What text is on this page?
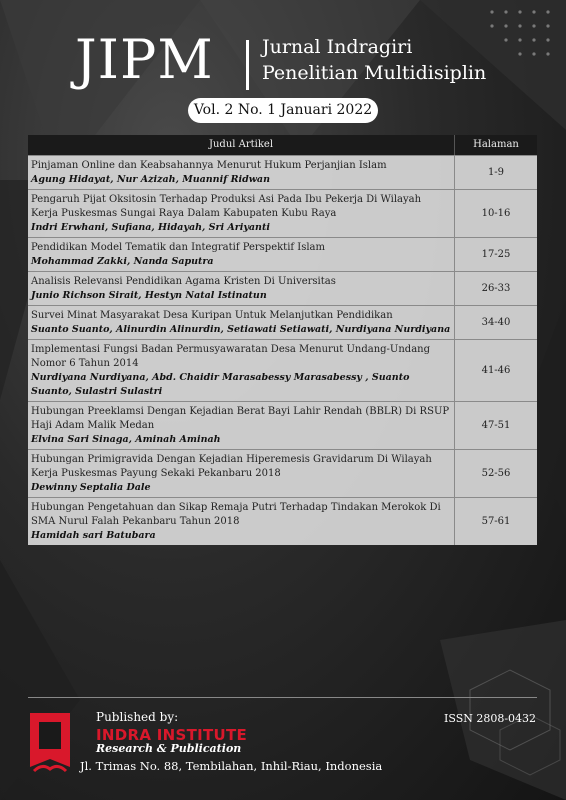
JIPM	Jurnal Indragiri
Penelitian Multidisiplin
Vol. 2 No. 1 Januari 2022
Judul Artikel	Halaman
Pinjaman Online dan Keabsahannya Menurut Hukum Perjanjian Islam
Agung Hidayat, Nur Azizah, Muannif Ridwan
1-9
Pengaruh Pijat Oksitosin Terhadap Produksi Asi Pada Ibu Pekerja Di Wilayah Kerja Puskesmas Sungai Raya Dalam Kabupaten Kubu Raya
Indri Erwhani, Sufiana, Hidayah, Sri Ariyanti
10-16
Pendidikan Model Tematik dan Integratif Perspektif Islam
Mohammad Zakki, Nanda Saputra
17-25
Analisis Relevansi Pendidikan Agama Kristen Di Universitas
Junio Richson Sirait, Hestyn Natal Istinatun
26-33
Survei Minat Masyarakat Desa Kuripan Untuk Melanjutkan Pendidikan
Suanto Suanto, Alinurdin Alinurdin, Setiawati Setiawati, Nurdiyana Nurdiyana
34-40
Implementasi Fungsi Badan Permusyawaratan Desa Menurut Undang-Undang Nomor 6 Tahun 2014
Nurdiyana Nurdiyana, Abd. Chaidir Marasabessy Marasabessy , Suanto Suanto, Sulastri Sulastri
41-46
Hubungan Preeklamsi Dengan Kejadian Berat Bayi Lahir Rendah (BBLR) Di RSUP Haji Adam Malik Medan
Elvina Sari Sinaga, Aminah Aminah
47-51
Hubungan Primigravida Dengan Kejadian Hiperemesis Gravidarum Di Wilayah Kerja Puskesmas Payung Sekaki Pekanbaru 2018
Dewinny Septalia Dale
52-56
Hubungan Pengetahuan dan Sikap Remaja Putri Terhadap Tindakan Merokok Di SMA Nurul Falah Pekanbaru Tahun 2018
Hamidah sari Batubara
57-61
Published by:
INDRA INSTITUTE
Research & Publication
Jl. Trimas No. 88, Tembilahan, Inhil-Riau, Indonesia
ISSN 2808-0432
